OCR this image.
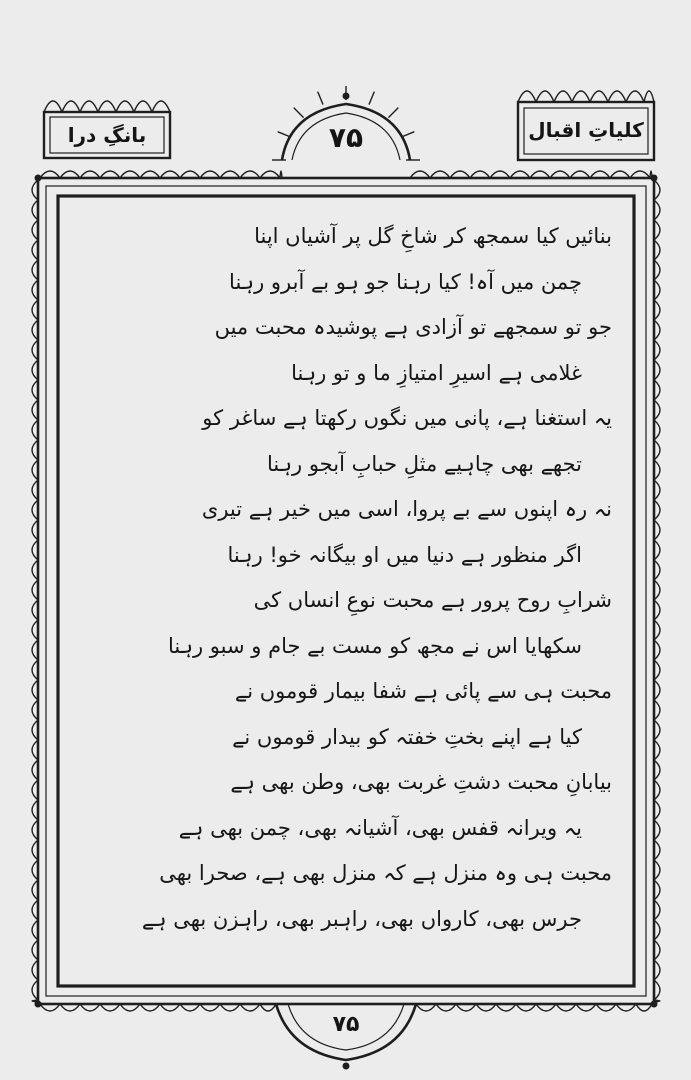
کلیاتِ اقبال
بانگِ درا	۷۵
بنائیں کیا سمجھ کر شاخِ گل پر آشیاں اپنا
چمن میں آہ! کیا رہنا جو ہو بے آبرو رہنا
جو تو سمجھے تو آزادی ہے پوشیدہ محبت میں
غلامی ہے اسیرِ امتیازِ ما و تو رہنا
یہ استغنا ہے، پانی میں نگوں رکھتا ہے ساغر کو
تجھے بھی چاہیے مثلِ حبابِ آبجو رہنا
نہ رہ اپنوں سے بے پروا، اسی میں خیر ہے تیری
اگر منظور ہے دنیا میں او بیگانہ خو! رہنا
شرابِ روح پرور ہے محبت نوعِ انساں کی
سکھایا اس نے مجھ کو مست بے جام و سبو رہنا
محبت ہی سے پائی ہے شفا بیمار قوموں نے
کیا ہے اپنے بختِ خفتہ کو بیدار قوموں نے
بیابانِ محبت دشتِ غربت بھی، وطن بھی ہے
یہ ویرانہ قفس بھی، آشیانہ بھی، چمن بھی ہے
محبت ہی وہ منزل ہے کہ منزل بھی ہے، صحرا بھی
جرس بھی، کارواں بھی، راہبر بھی، راہزن بھی ہے
۷۵
